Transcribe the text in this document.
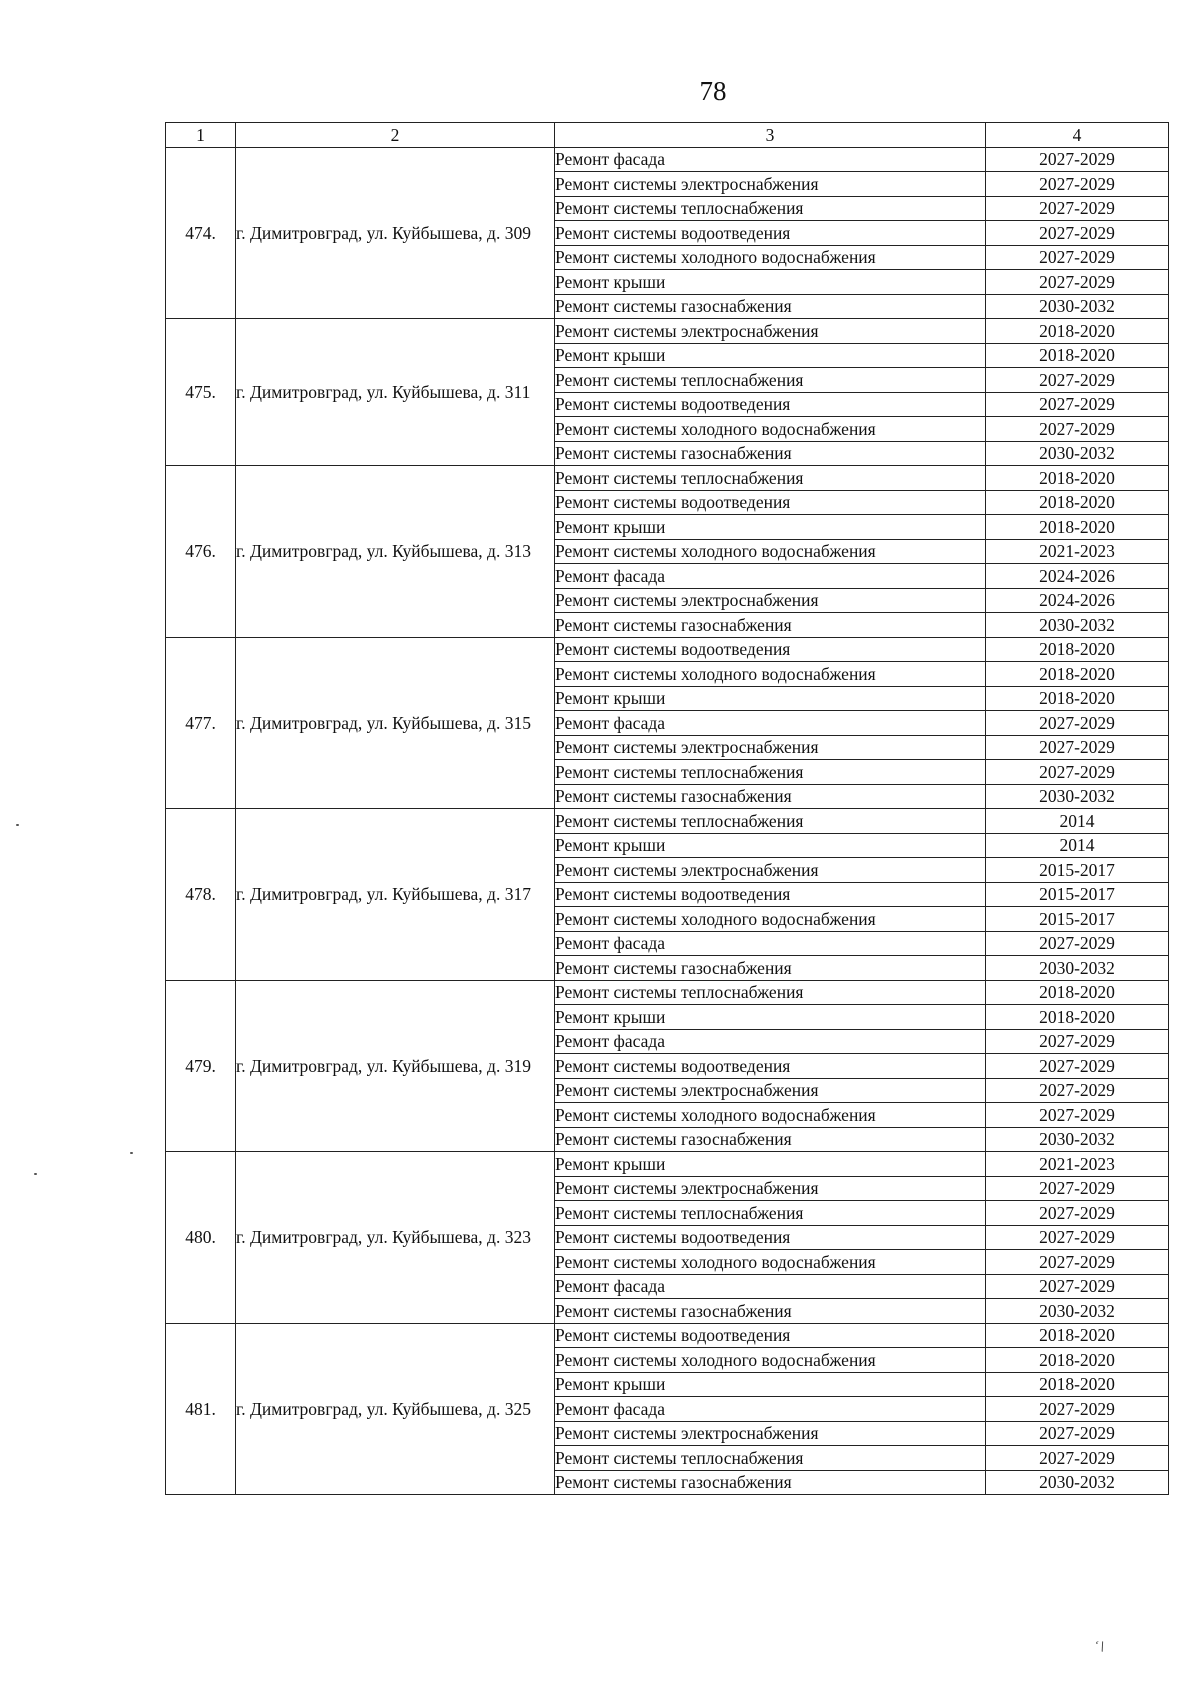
78
1	2	3	4
474.	г. Димитровград, ул. Куйбышева, д. 309	Ремонт фасада	2027-2029
		Ремонт системы электроснабжения	2027-2029
		Ремонт системы теплоснабжения	2027-2029
		Ремонт системы водоотведения	2027-2029
		Ремонт системы холодного водоснабжения	2027-2029
		Ремонт крыши	2027-2029
		Ремонт системы газоснабжения	2030-2032
475.	г. Димитровград, ул. Куйбышева, д. 311	Ремонт системы электроснабжения	2018-2020
		Ремонт крыши	2018-2020
		Ремонт системы теплоснабжения	2027-2029
		Ремонт системы водоотведения	2027-2029
		Ремонт системы холодного водоснабжения	2027-2029
		Ремонт системы газоснабжения	2030-2032
476.	г. Димитровград, ул. Куйбышева, д. 313	Ремонт системы теплоснабжения	2018-2020
		Ремонт системы водоотведения	2018-2020
		Ремонт крыши	2018-2020
		Ремонт системы холодного водоснабжения	2021-2023
		Ремонт фасада	2024-2026
		Ремонт системы электроснабжения	2024-2026
		Ремонт системы газоснабжения	2030-2032
477.	г. Димитровград, ул. Куйбышева, д. 315	Ремонт системы водоотведения	2018-2020
		Ремонт системы холодного водоснабжения	2018-2020
		Ремонт крыши	2018-2020
		Ремонт фасада	2027-2029
		Ремонт системы электроснабжения	2027-2029
		Ремонт системы теплоснабжения	2027-2029
		Ремонт системы газоснабжения	2030-2032
478.	г. Димитровград, ул. Куйбышева, д. 317	Ремонт системы теплоснабжения	2014
		Ремонт крыши	2014
		Ремонт системы электроснабжения	2015-2017
		Ремонт системы водоотведения	2015-2017
		Ремонт системы холодного водоснабжения	2015-2017
		Ремонт фасада	2027-2029
		Ремонт системы газоснабжения	2030-2032
479.	г. Димитровград, ул. Куйбышева, д. 319	Ремонт системы теплоснабжения	2018-2020
		Ремонт крыши	2018-2020
		Ремонт фасада	2027-2029
		Ремонт системы водоотведения	2027-2029
		Ремонт системы электроснабжения	2027-2029
		Ремонт системы холодного водоснабжения	2027-2029
		Ремонт системы газоснабжения	2030-2032
480.	г. Димитровград, ул. Куйбышева, д. 323	Ремонт крыши	2021-2023
		Ремонт системы электроснабжения	2027-2029
		Ремонт системы теплоснабжения	2027-2029
		Ремонт системы водоотведения	2027-2029
		Ремонт системы холодного водоснабжения	2027-2029
		Ремонт фасада	2027-2029
		Ремонт системы газоснабжения	2030-2032
481.	г. Димитровград, ул. Куйбышева, д. 325	Ремонт системы водоотведения	2018-2020
		Ремонт системы холодного водоснабжения	2018-2020
		Ремонт крыши	2018-2020
		Ремонт фасада	2027-2029
		Ремонт системы электроснабжения	2027-2029
		Ремонт системы теплоснабжения	2027-2029
		Ремонт системы газоснабжения	2030-2032
‘∖
